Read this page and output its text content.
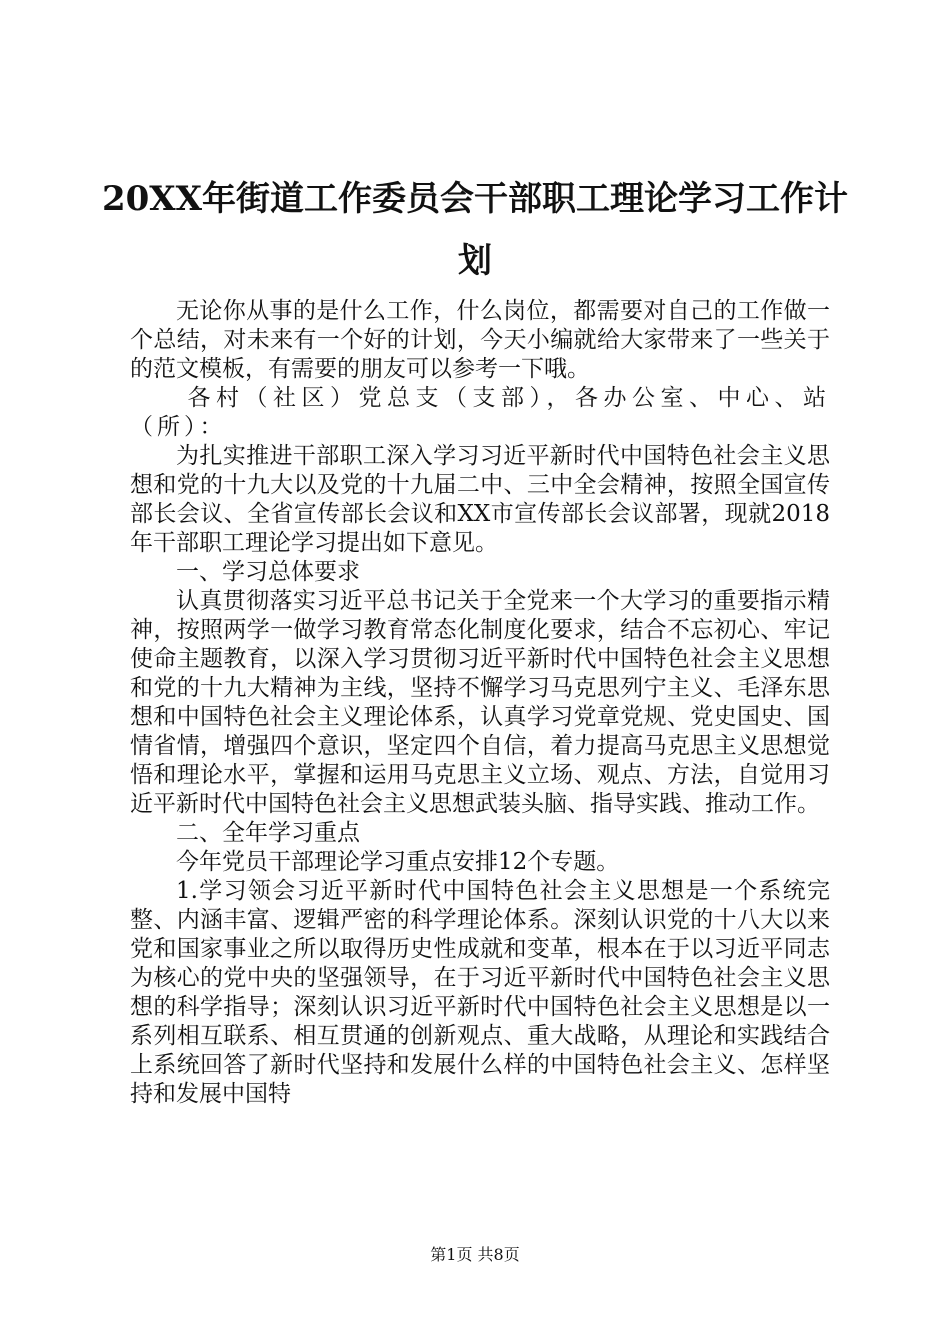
20XX年街道工作委员会干部职工理论学习工作计划

无论你从事的是什么工作，什么岗位，都需要对自己的工作做一个总结，对未来有一个好的计划，今天小编就给大家带来了一些关于的范文模板，有需要的朋友可以参考一下哦。

各村（社区）党总支（支部），各办公室、中心、站（所）：

为扎实推进干部职工深入学习习近平新时代中国特色社会主义思想和党的十九大以及党的十九届二中、三中全会精神，按照全国宣传部长会议、全省宣传部长会议和XX市宣传部长会议部署，现就2018年干部职工理论学习提出如下意见。

一、学习总体要求

认真贯彻落实习近平总书记关于全党来一个大学习的重要指示精神，按照两学一做学习教育常态化制度化要求，结合不忘初心、牢记使命主题教育，以深入学习贯彻习近平新时代中国特色社会主义思想和党的十九大精神为主线，坚持不懈学习马克思列宁主义、毛泽东思想和中国特色社会主义理论体系，认真学习党章党规、党史国史、国情省情，增强四个意识，坚定四个自信，着力提高马克思主义思想觉悟和理论水平，掌握和运用马克思主义立场、观点、方法，自觉用习近平新时代中国特色社会主义思想武装头脑、指导实践、推动工作。

二、全年学习重点

今年党员干部理论学习重点安排12个专题。

1.学习领会习近平新时代中国特色社会主义思想是一个系统完整、内涵丰富、逻辑严密的科学理论体系。深刻认识党的十八大以来党和国家事业之所以取得历史性成就和变革，根本在于以习近平同志为核心的党中央的坚强领导，在于习近平新时代中国特色社会主义思想的科学指导；深刻认识习近平新时代中国特色社会主义思想是以一系列相互联系、相互贯通的创新观点、重大战略，从理论和实践结合上系统回答了新时代坚持和发展什么样的中国特色社会主义、怎样坚持和发展中国特

第1页 共8页
